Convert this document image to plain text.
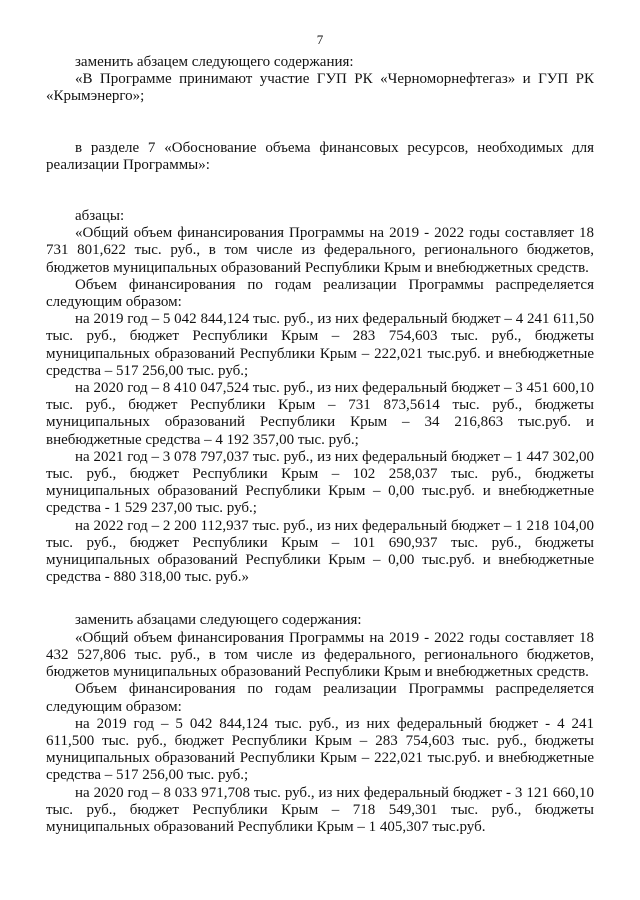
7

заменить абзацем следующего содержания:

«В Программе принимают участие ГУП РК «Черноморнефтегаз» и ГУП РК «Крымэнерго»;

в разделе 7 «Обоснование объема финансовых ресурсов, необходимых для реализации Программы»:

абзацы:

«Общий объем финансирования Программы на 2019 - 2022 годы составляет 18 731 801,622 тыс. руб., в том числе из федерального, регионального бюджетов, бюджетов муниципальных образований Республики Крым и внебюджетных средств.

Объем финансирования по годам реализации Программы распределяется следующим образом:

на 2019 год – 5 042 844,124 тыс. руб., из них федеральный бюджет – 4 241 611,50 тыс. руб., бюджет Республики Крым – 283 754,603 тыс. руб., бюджеты муниципальных образований Республики Крым – 222,021 тыс.руб. и внебюджетные средства – 517 256,00 тыс. руб.;

на 2020 год – 8 410 047,524 тыс. руб., из них федеральный бюджет – 3 451 600,10 тыс. руб., бюджет Республики Крым – 731 873,5614 тыс. руб., бюджеты муниципальных образований Республики Крым – 34 216,863 тыс.руб. и внебюджетные средства – 4 192 357,00 тыс. руб.;

на 2021 год – 3 078 797,037 тыс. руб., из них федеральный бюджет – 1 447 302,00 тыс. руб., бюджет Республики Крым – 102 258,037 тыс. руб., бюджеты муниципальных образований Республики Крым – 0,00 тыс.руб. и внебюджетные средства - 1 529 237,00 тыс. руб.;

на 2022 год – 2 200 112,937 тыс. руб., из них федеральный бюджет – 1 218 104,00 тыс. руб., бюджет Республики Крым – 101 690,937 тыс. руб., бюджеты муниципальных образований Республики Крым – 0,00 тыс.руб. и внебюджетные средства - 880 318,00 тыс. руб.»

заменить абзацами следующего содержания:

«Общий объем финансирования Программы на 2019 - 2022 годы составляет 18 432 527,806 тыс. руб., в том числе из федерального, регионального бюджетов, бюджетов муниципальных образований Республики Крым и внебюджетных средств.

Объем финансирования по годам реализации Программы распределяется следующим образом:

на 2019 год – 5 042 844,124 тыс. руб., из них федеральный бюджет - 4 241 611,500 тыс. руб., бюджет Республики Крым – 283 754,603 тыс. руб., бюджеты муниципальных образований Республики Крым – 222,021 тыс.руб. и внебюджетные средства – 517 256,00 тыс. руб.;

на 2020 год – 8 033 971,708 тыс. руб., из них федеральный бюджет - 3 121 660,10 тыс. руб., бюджет Республики Крым – 718 549,301 тыс. руб., бюджеты муниципальных образований Республики Крым – 1 405,307 тыс.руб.
